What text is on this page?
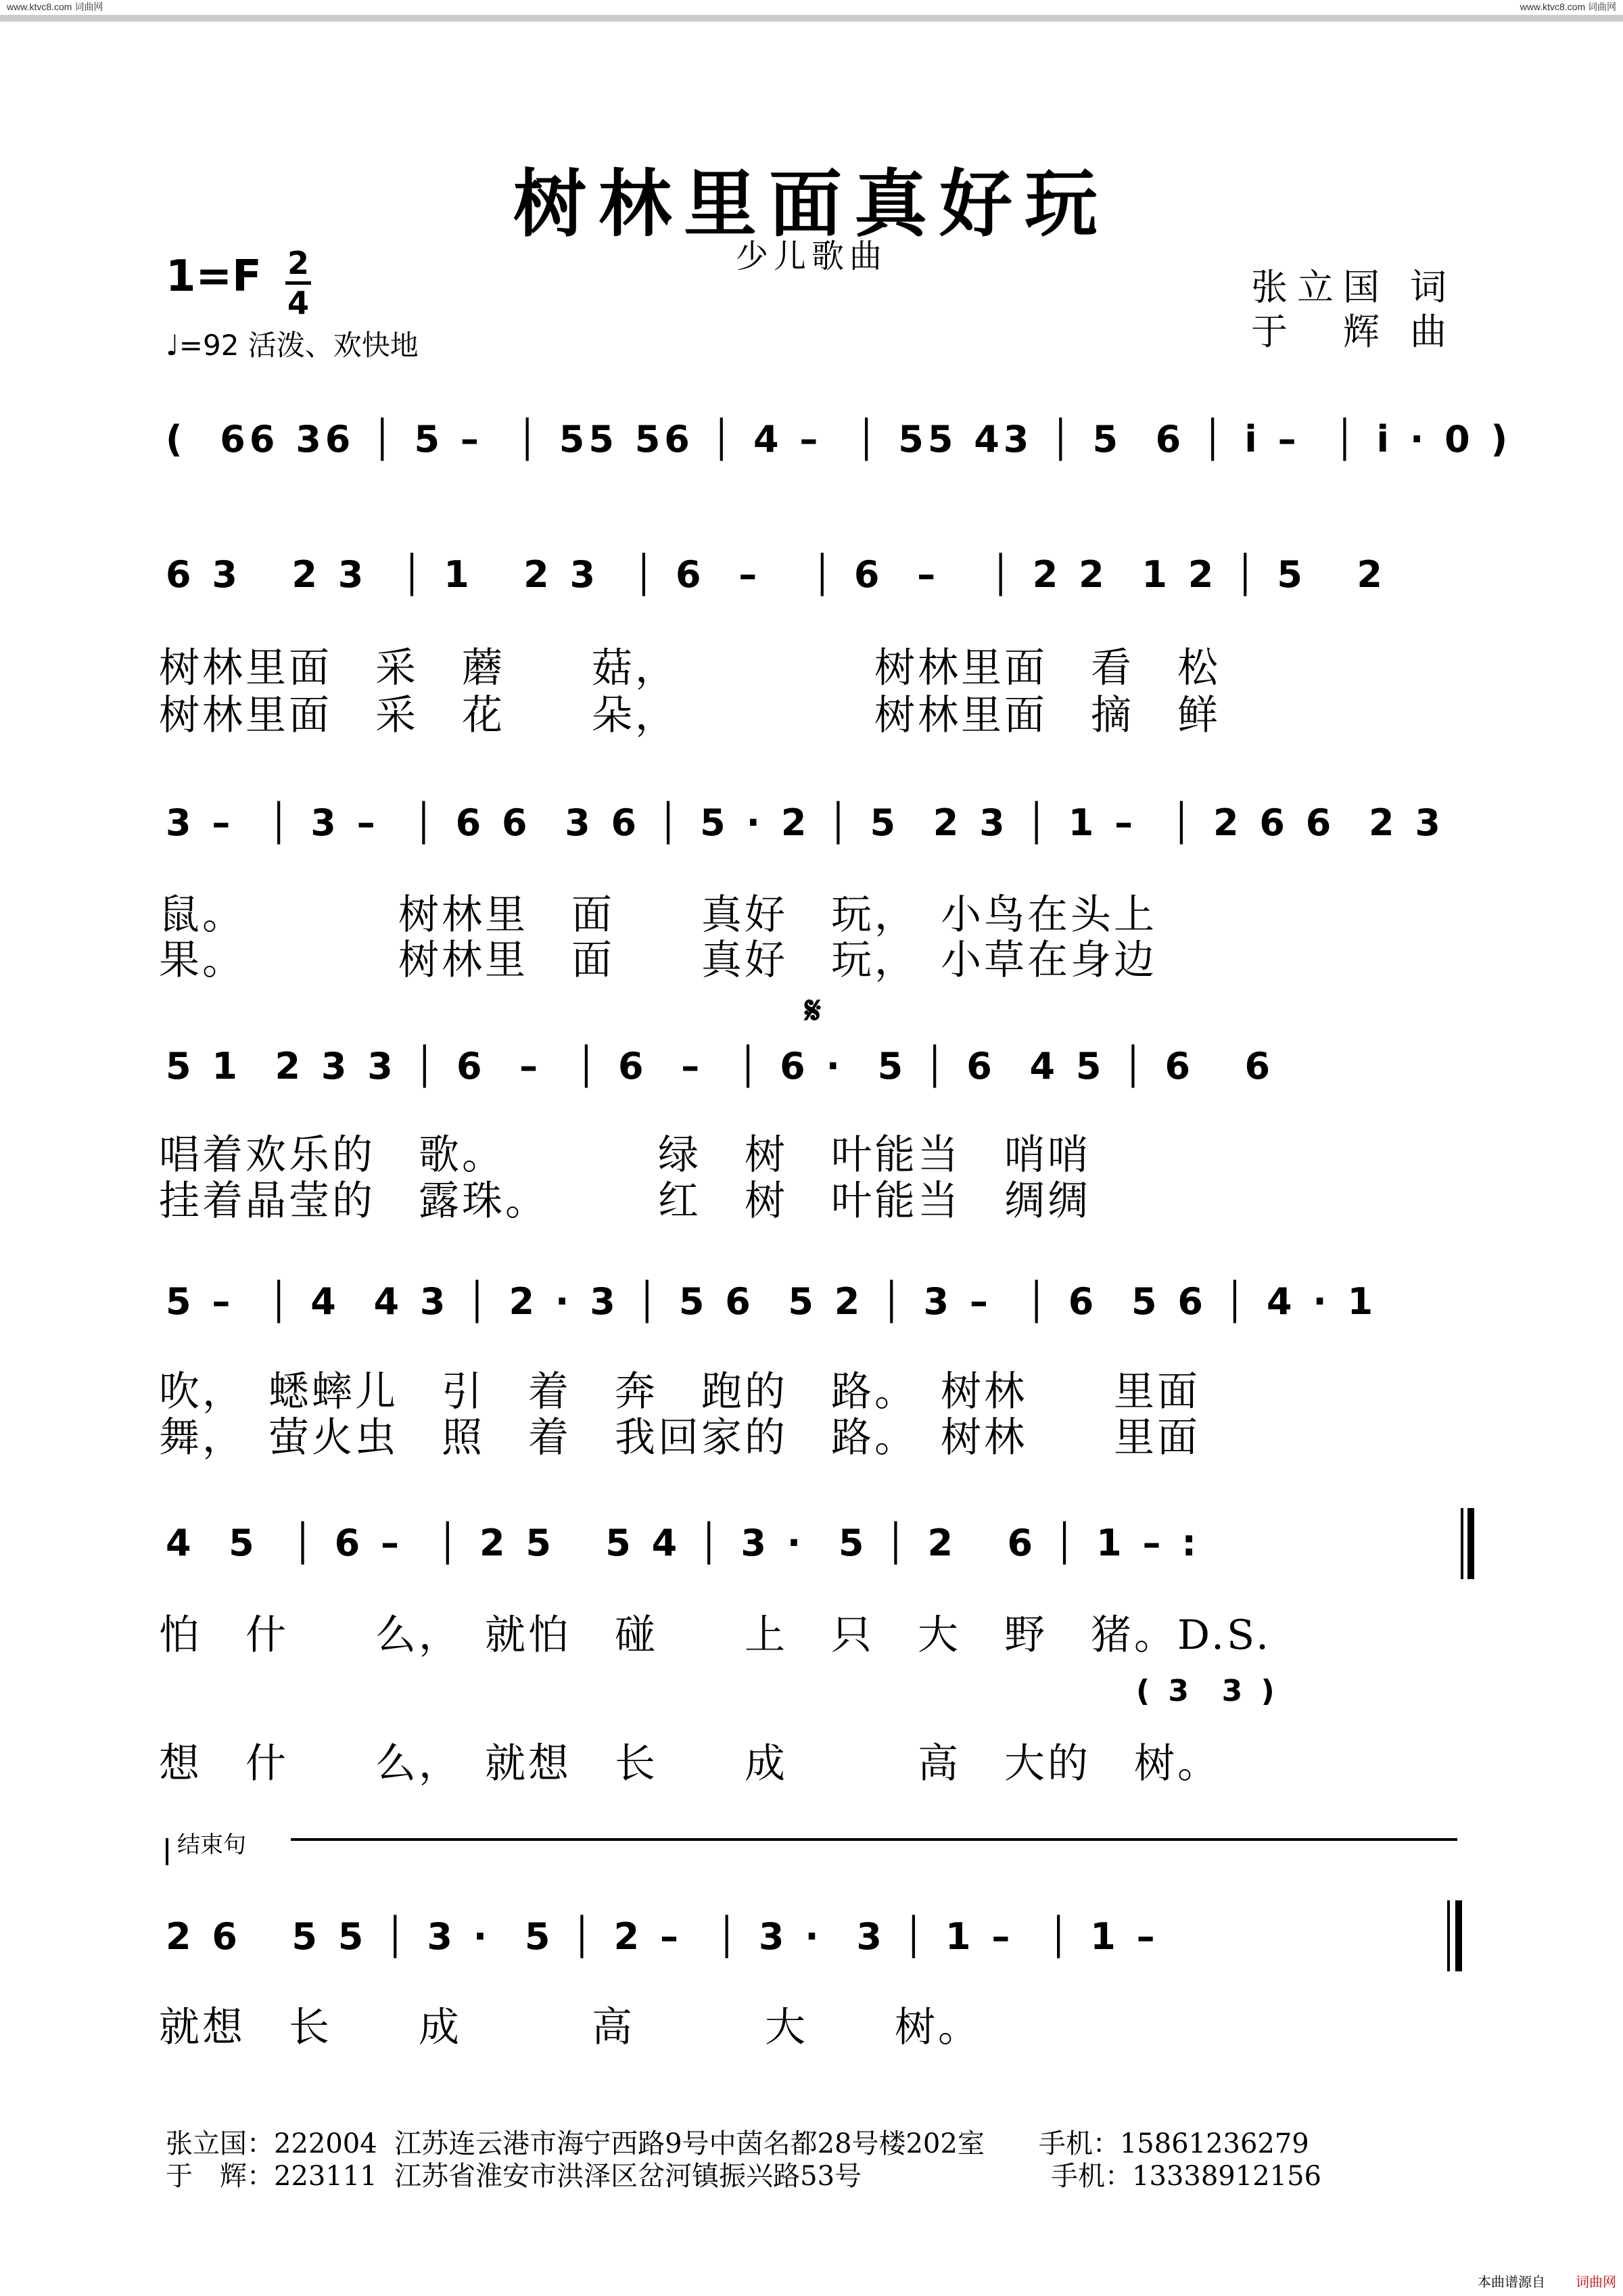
www.ktvc8.com 词曲网	www.ktvc8.com 词曲网
树林里面真好玩
少儿歌曲
1=F 2
4
♩=92 活泼、欢快地
张立国 词
于　辉 曲
(  66 36 │ 5 –  │ 55 56 │ 4 –  │ 55 43 │ 5  6 │ i –  │ i · 0 )
6 3   2 3  │ 1   2 3  │ 6  –   │ 6  –   │ 2 2  1 2 │ 5   2
树林里面　采　蘑　　菇，　　　　　树林里面　看　松
树林里面　采　花　　朵，　　　　　树林里面　摘　鲜
3 –  │ 3 –  │ 6 6  3 6 │ 5 · 2 │ 5  2 3 │ 1 –  │ 2 6 6  2 3
鼠。　　　　树林里　面　　真好　玩，　小鸟在头上
果。　　　　树林里　面　　真好　玩，　小草在身边
𝄋
5 1  2 3 3 │ 6  –  │ 6  –  │ 6 ·  5 │ 6  4 5 │ 6   6
唱着欢乐的　歌。　　　　绿　树　叶能当　哨哨
挂着晶莹的　露珠。　　　红　树　叶能当　绸绸
5 –  │ 4  4 3 │ 2 · 3 │ 5 6  5 2 │ 3 –  │ 6  5 6 │ 4 · 1
吹，　蟋蟀儿　引　着　奔　跑的　路。　树林　　里面
舞，　萤火虫　照　着　我回家的　路。　树林　　里面
4  5  │ 6 –  │ 2 5   5 4 │ 3 ·  5 │ 2   6 │ 1 – :
怕　什　　么，　就怕　碰　　上　只　大　野　猪。D.S.
( 3  3 )
想　什　　么，　就想　长　　成　　　高　大的　树。
结束句
2 6   5 5 │ 3 ·  5 │ 2 –  │ 3 ·  3 │ 1 –  │ 1 –
就想　长　　成　　　高　　　大　　树。
张立国：222004  江苏连云港市海宁西路9号中茵名都28号楼202室　　手机：15861236279
于　辉：223111  江苏省淮安市洪泽区岔河镇振兴路53号　　　　　　　手机：13338912156
本曲谱源自 词曲网
